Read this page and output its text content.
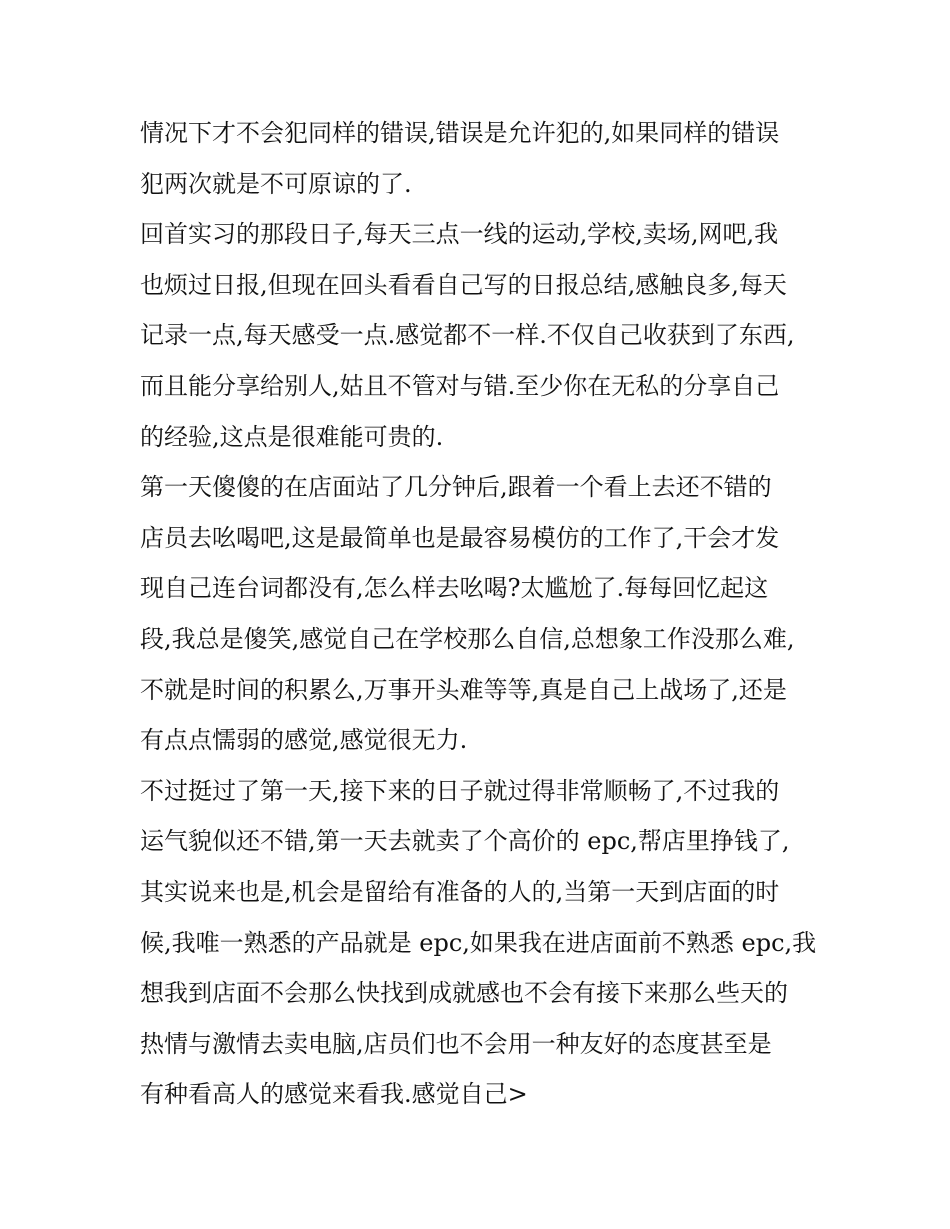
情况下才不会犯同样的错误,错误是允许犯的,如果同样的错误
犯两次就是不可原谅的了.
回首实习的那段日子,每天三点一线的运动,学校,卖场,网吧,我
也烦过日报,但现在回头看看自己写的日报总结,感触良多,每天
记录一点,每天感受一点.感觉都不一样.不仅自己收获到了东西,
而且能分享给别人,姑且不管对与错.至少你在无私的分享自己
的经验,这点是很难能可贵的.
第一天傻傻的在店面站了几分钟后,跟着一个看上去还不错的
店员去吆喝吧,这是最简单也是最容易模仿的工作了,干会才发
现自己连台词都没有,怎么样去吆喝?太尴尬了.每每回忆起这
段,我总是傻笑,感觉自己在学校那么自信,总想象工作没那么难,
不就是时间的积累么,万事开头难等等,真是自己上战场了,还是
有点点懦弱的感觉,感觉很无力.
不过挺过了第一天,接下来的日子就过得非常顺畅了,不过我的
运气貌似还不错,第一天去就卖了个高价的 epc,帮店里挣钱了,
其实说来也是,机会是留给有准备的人的,当第一天到店面的时
候,我唯一熟悉的产品就是 epc,如果我在进店面前不熟悉 epc,我
想我到店面不会那么快找到成就感也不会有接下来那么些天的
热情与激情去卖电脑,店员们也不会用一种友好的态度甚至是
有种看高人的感觉来看我.感觉自己>
